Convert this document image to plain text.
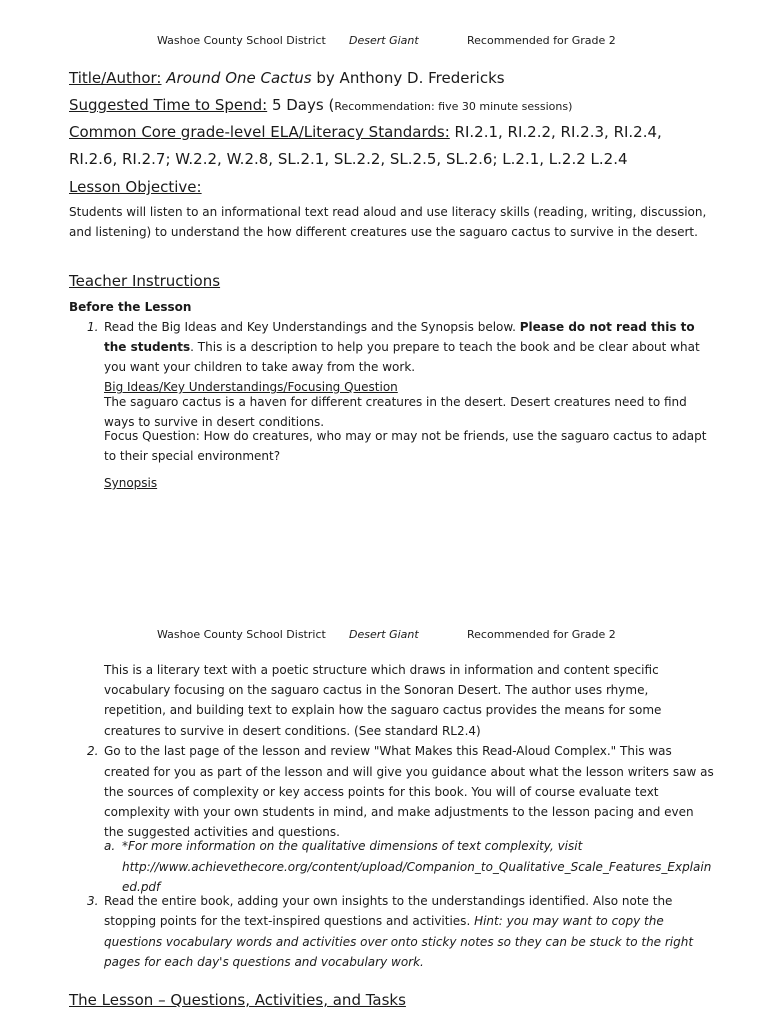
Washoe County School District Desert Giant	Recommended for Grade 2
Title/Author: Around One Cactus by Anthony D. Fredericks
Suggested Time to Spend: 5 Days (Recommendation: five 30 minute sessions)
Common Core grade-level ELA/Literacy Standards: RI.2.1, RI.2.2, RI.2.3, RI.2.4,
RI.2.6, RI.2.7; W.2.2, W.2.8, SL.2.1, SL.2.2, SL.2.5, SL.2.6; L.2.1, L.2.2 L.2.4
Lesson Objective:
Students will listen to an informational text read aloud and use literacy skills (reading, writing, discussion,
and listening) to understand the how different creatures use the saguaro cactus to survive in the desert.
Teacher Instructions
Before the Lesson
1. Read the Big Ideas and Key Understandings and the Synopsis below. Please do not read this to
the students. This is a description to help you prepare to teach the book and be clear about what
you want your children to take away from the work.
Big Ideas/Key Understandings/Focusing Question
The saguaro cactus is a haven for different creatures in the desert. Desert creatures need to find
ways to survive in desert conditions.
Focus Question: How do creatures, who may or may not be friends, use the saguaro cactus to adapt
to their special environment?
Synopsis
Washoe County School District Desert Giant	Recommended for Grade 2
This is a literary text with a poetic structure which draws in information and content specific
vocabulary focusing on the saguaro cactus in the Sonoran Desert. The author uses rhyme,
repetition, and building text to explain how the saguaro cactus provides the means for some
creatures to survive in desert conditions. (See standard RL2.4)
2. Go to the last page of the lesson and review "What Makes this Read-Aloud Complex." This was
created for you as part of the lesson and will give you guidance about what the lesson writers saw as
the sources of complexity or key access points for this book. You will of course evaluate text
complexity with your own students in mind, and make adjustments to the lesson pacing and even
the suggested activities and questions.
a. *For more information on the qualitative dimensions of text complexity, visit
http://www.achievethecore.org/content/upload/Companion_to_Qualitative_Scale_Features_Explain
ed.pdf
3. Read the entire book, adding your own insights to the understandings identified. Also note the
stopping points for the text-inspired questions and activities. Hint: you may want to copy the
questions vocabulary words and activities over onto sticky notes so they can be stuck to the right
pages for each day's questions and vocabulary work.
The Lesson – Questions, Activities, and Tasks
